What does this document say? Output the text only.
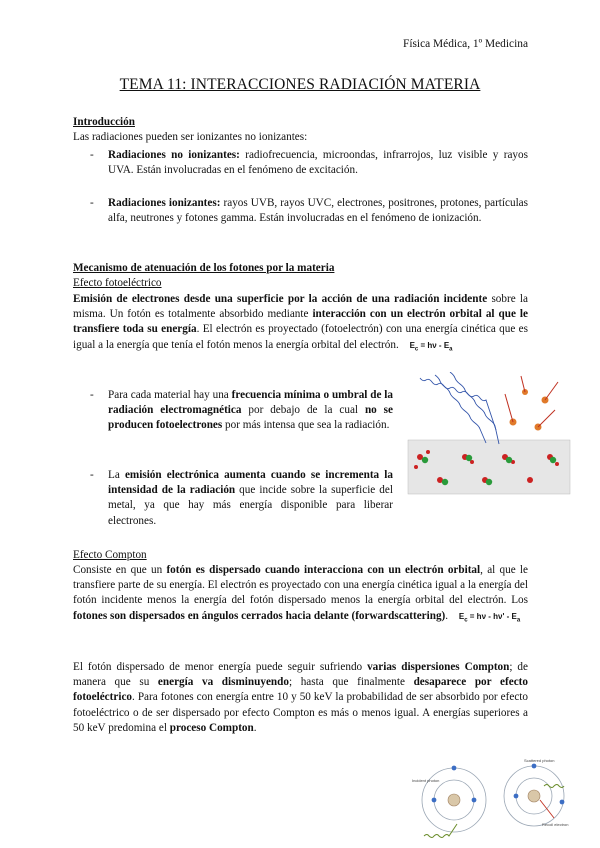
Física Médica, 1º Medicina
TEMA 11: INTERACCIONES RADIACIÓN MATERIA
Introducción
Las radiaciones pueden ser ionizantes no ionizantes:
- Radiaciones no ionizantes: radiofrecuencia, microondas, infrarrojos, luz visible y rayos UVA. Están involucradas en el fenómeno de excitación.
- Radiaciones ionizantes: rayos UVB, rayos UVC, electrones, positrones, protones, partículas alfa, neutrones y fotones gamma. Están involucradas en el fenómeno de ionización.
Mecanismo de atenuación de los fotones por la materia
Efecto fotoeléctrico
Emisión de electrones desde una superficie por la acción de una radiación incidente sobre la misma. Un fotón es totalmente absorbido mediante interacción con un electrón orbital al que le transfiere toda su energía. El electrón es proyectado (fotoelectrón) con una energía cinética que es igual a la energía que tenía el fotón menos la energía orbital del electrón. $E_c = h\nu - E_a$
- Para cada material hay una frecuencia mínima o umbral de la radiación electromagnética por debajo de la cual no se producen fotoelectrones por más intensa que sea la radiación.
- La emisión electrónica aumenta cuando se incrementa la intensidad de la radiación que incide sobre la superficie del metal, ya que hay más energía disponible para liberar electrones.
Efecto Compton
Consiste en que un fotón es dispersado cuando interacciona con un electrón orbital, al que le transfiere parte de su energía. El electrón es proyectado con una energía cinética igual a la energía del fotón incidente menos la energía del fotón dispersado menos la energía orbital del electrón. Los fotones son dispersados en ángulos cerrados hacia delante (forwardscattering). $E_c = h\nu - h\nu' - E_a$
El fotón dispersado de menor energía puede seguir sufriendo varias dispersiones Compton; de manera que su energía va disminuyendo; hasta que finalmente desaparece por efecto fotoeléctrico. Para fotones con energía entre 10 y 50 keV la probabilidad de ser absorbido por efecto fotoeléctrico o de ser dispersado por efecto Compton es más o menos igual. A energías superiores a 50 keV predomina el proceso Compton.
Incident photon
Recoil electron
Scattered photon
